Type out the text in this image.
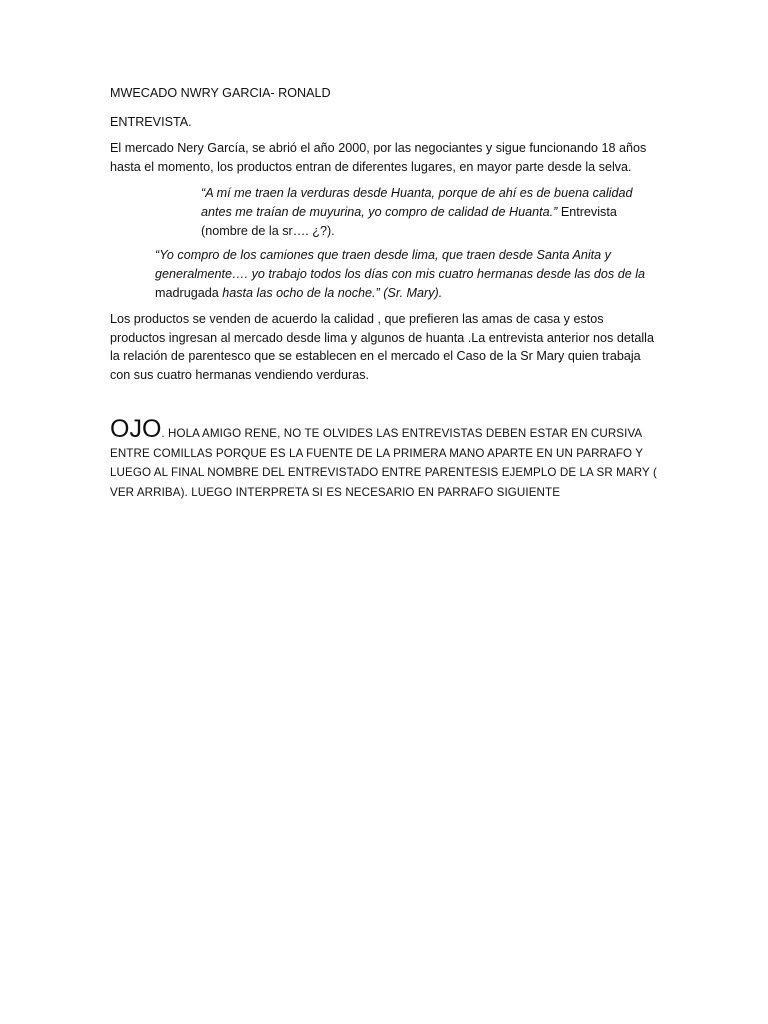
MWECADO NWRY GARCIA- RONALD

ENTREVISTA.

El mercado Nery García, se abrió el año 2000, por las negociantes y sigue funcionando 18 años hasta el momento, los productos entran de diferentes lugares, en mayor parte desde la selva.

“A mí me traen la verduras desde Huanta, porque de ahí es de buena calidad antes me traían de muyurina, yo compro de calidad de Huanta.” Entrevista (nombre de la sr…. ¿?).

“Yo compro de los camiones que traen desde lima, que traen desde Santa Anita y generalmente…. yo trabajo todos los días con mis cuatro hermanas desde las dos de la madrugada hasta las ocho de la noche.” (Sr. Mary).

Los productos se venden de acuerdo la calidad , que prefieren las amas de casa y estos productos ingresan al mercado desde lima y algunos de huanta .La entrevista anterior nos detalla la relación de parentesco que se establecen en el mercado el Caso de la Sr Mary quien trabaja con sus cuatro hermanas vendiendo verduras.

OJO. HOLA AMIGO RENE, NO TE OLVIDES LAS ENTREVISTAS DEBEN ESTAR EN CURSIVA ENTRE COMILLAS PORQUE ES LA FUENTE DE LA PRIMERA MANO APARTE EN UN PARRAFO Y LUEGO AL FINAL NOMBRE DEL ENTREVISTADO ENTRE PARENTESIS EJEMPLO DE LA SR MARY ( VER ARRIBA). LUEGO INTERPRETA SI ES NECESARIO EN PARRAFO SIGUIENTE
